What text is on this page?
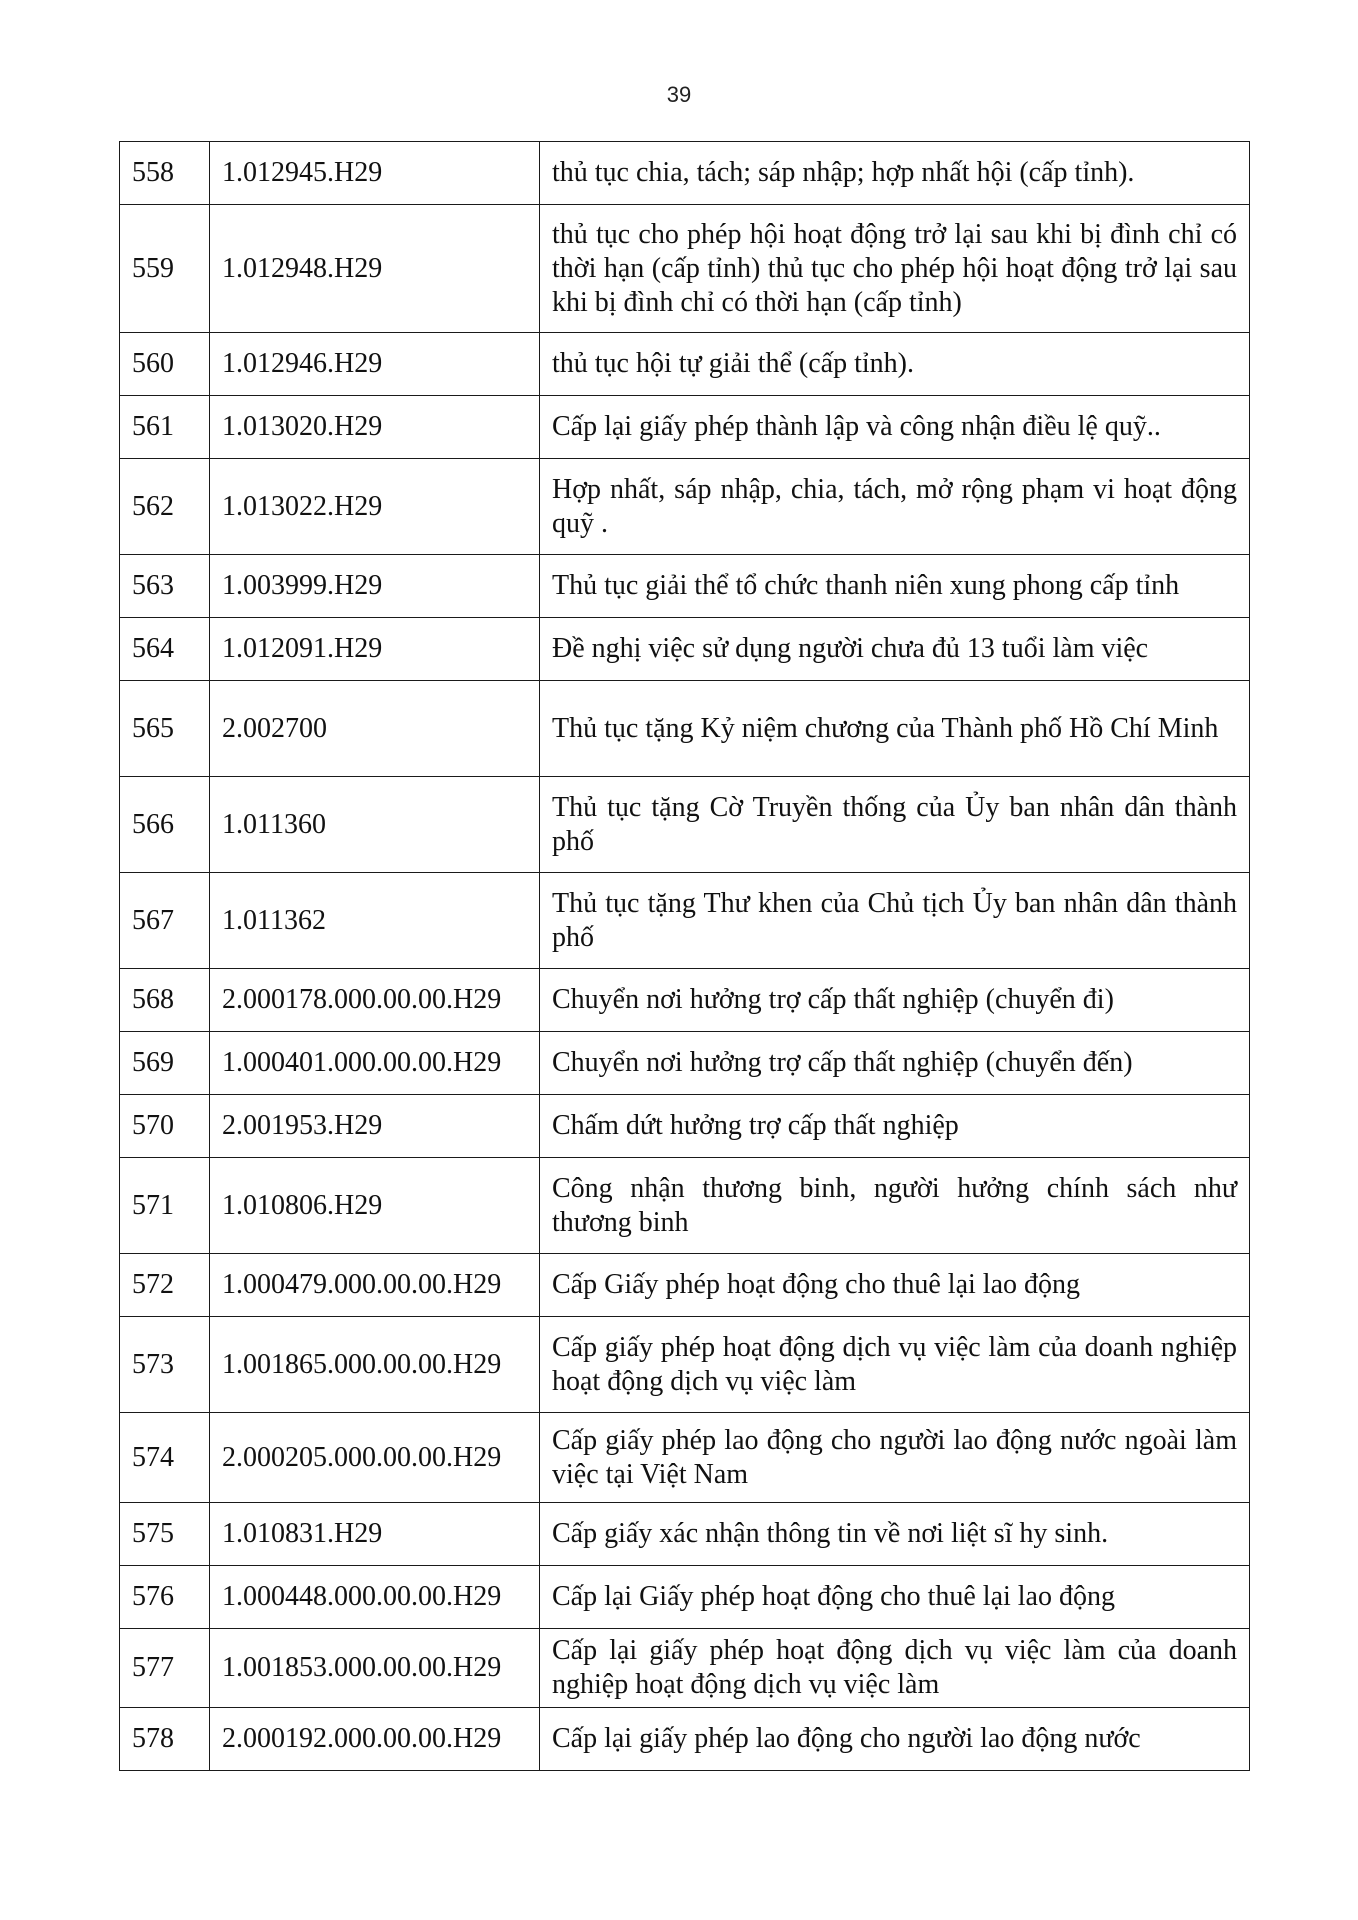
39
558	1.012945.H29	thủ tục chia, tách; sáp nhập; hợp nhất hội (cấp tỉnh).
559	1.012948.H29	thủ tục cho phép hội hoạt động trở lại sau khi bị đình chỉ có thời hạn (cấp tỉnh) thủ tục cho phép hội hoạt động trở lại sau khi bị đình chỉ có thời hạn (cấp tỉnh)
560	1.012946.H29	thủ tục hội tự giải thể (cấp tỉnh).
561	1.013020.H29	Cấp lại giấy phép thành lập và công nhận điều lệ quỹ..
562	1.013022.H29	Hợp nhất, sáp nhập, chia, tách, mở rộng phạm vi hoạt động quỹ .
563	1.003999.H29	Thủ tục giải thể tổ chức thanh niên xung phong cấp tỉnh
564	1.012091.H29	Đề nghị việc sử dụng người chưa đủ 13 tuổi làm việc
565	2.002700	Thủ tục tặng Kỷ niệm chương của Thành phố Hồ Chí Minh
566	1.011360	Thủ tục tặng Cờ Truyền thống của Ủy ban nhân dân thành phố
567	1.011362	Thủ tục tặng Thư khen của Chủ tịch Ủy ban nhân dân thành phố
568	2.000178.000.00.00.H29	Chuyển nơi hưởng trợ cấp thất nghiệp (chuyển đi)
569	1.000401.000.00.00.H29	Chuyển nơi hưởng trợ cấp thất nghiệp (chuyển đến)
570	2.001953.H29	Chấm dứt hưởng trợ cấp thất nghiệp
571	1.010806.H29	Công nhận thương binh, người hưởng chính sách như thương binh
572	1.000479.000.00.00.H29	Cấp Giấy phép hoạt động cho thuê lại lao động
573	1.001865.000.00.00.H29	Cấp giấy phép hoạt động dịch vụ việc làm của doanh nghiệp hoạt động dịch vụ việc làm
574	2.000205.000.00.00.H29	Cấp giấy phép lao động cho người lao động nước ngoài làm việc tại Việt Nam
575	1.010831.H29	Cấp giấy xác nhận thông tin về nơi liệt sĩ hy sinh.
576	1.000448.000.00.00.H29	Cấp lại Giấy phép hoạt động cho thuê lại lao động
577	1.001853.000.00.00.H29	Cấp lại giấy phép hoạt động dịch vụ việc làm của doanh nghiệp hoạt động dịch vụ việc làm
578	2.000192.000.00.00.H29	Cấp lại giấy phép lao động cho người lao động nước
